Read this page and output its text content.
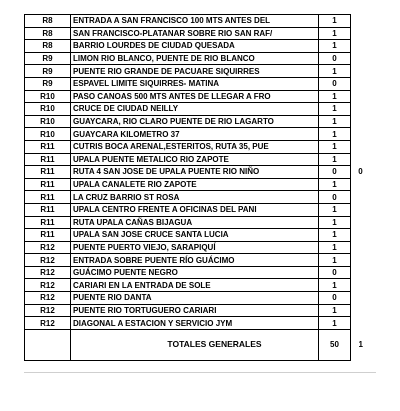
R8	ENTRADA A SAN FRANCISCO 100 MTS ANTES DEL	1	
R8	SAN FRANCISCO-PLATANAR SOBRE RIO SAN RAF/	1	
R8	BARRIO LOURDES DE CIUDAD QUESADA	1	
R9	LIMON RIO BLANCO, PUENTE DE RIO BLANCO	0	
R9	PUENTE RIO GRANDE DE PACUARE SIQUIRRES	1	
R9	ESPAVEL LIMITE SIQUIRRES- MATINA	0	
R10	PASO CANOAS 500 MTS ANTES DE LLEGAR A FRO	1	
R10	CRUCE DE CIUDAD NEILLY	1	
R10	GUAYCARA, RIO CLARO PUENTE DE RIO LAGARTO	1	
R10	GUAYCARA KILOMETRO 37	1	
R11	CUTRIS BOCA ARENAL,ESTERITOS, RUTA 35, PUE	1	
R11	UPALA PUENTE METALICO RIO ZAPOTE	1	
R11	RUTA 4 SAN JOSE DE UPALA PUENTE RIO NIÑO	0	0
R11	UPALA CANALETE RIO ZAPOTE	1	
R11	LA CRUZ BARRIO ST ROSA	0	
R11	UPALA CENTRO FRENTE A OFICINAS DEL PANI	1	
R11	RUTA UPALA CAÑAS BIJAGUA	1	
R11	UPALA SAN JOSE CRUCE SANTA LUCIA	1	
R12	PUENTE PUERTO VIEJO, SARAPIQUÍ	1	
R12	ENTRADA SOBRE PUENTE RÍO GUÁCIMO	1	
R12	GUÁCIMO PUENTE NEGRO	0	
R12	CARIARI EN LA ENTRADA DE SOLE	1	
R12	PUENTE RIO DANTA	0	
R12	PUENTE RIO TORTUGUERO CARIARI	1	
R12	DIAGONAL A ESTACION Y SERVICIO JYM	1	
	TOTALES GENERALES	50	1
